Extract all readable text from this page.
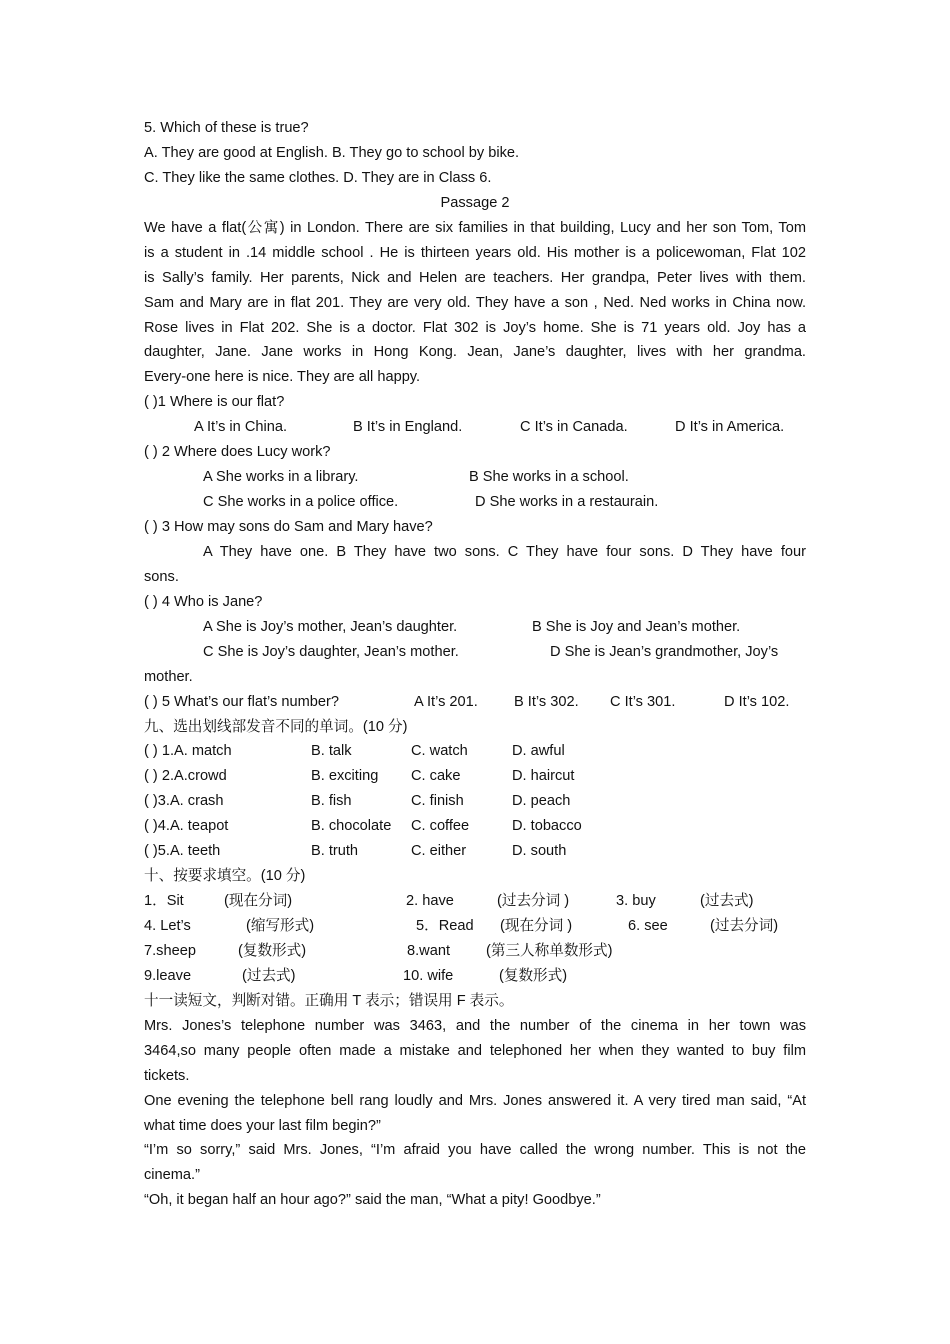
5. Which of these is true?
A. They are good at English. B. They go to school by bike.
C. They like the same clothes. D. They are in Class 6.
Passage 2
We have a flat(公寓) in London. There are six families in that building, Lucy and her son Tom, Tom
is a student in .14 middle school . He is thirteen years old. His mother is a policewoman, Flat 102
is Sally’s family. Her parents, Nick and Helen are teachers. Her grandpa, Peter lives with them.
Sam and Mary are in flat 201. They are very old. They have a son , Ned. Ned works in China now.
Rose lives in Flat 202. She is a doctor. Flat 302 is Joy’s home. She is 71 years old. Joy has a
daughter, Jane. Jane works in Hong Kong. Jean, Jane’s daughter, lives with her grandma.
Every-one here is nice. They are all happy.
( )1 Where is our flat?
A It’s in China.	B It’s in England.	C It’s in Canada.	D It’s in America.
( ) 2 Where does Lucy work?
A She works in a library.	B She works in a school.
C She works in a police office.	D She works in a restaurain.
( ) 3 How may sons do Sam and Mary have?
A They have one. B They have two sons. C They have four sons. D They have four
sons.
( ) 4 Who is Jane?
A She is Joy’s mother, Jean’s daughter.	B She is Joy and Jean’s mother.
C She is Joy’s daughter, Jean’s mother.	D She is Jean’s grandmother, Joy’s
mother.
( ) 5 What’s our flat’s number?	A It’s 201. B It’s 302. C It’s 301.	D It’s 102.
九、选出划线部发音不同的单词。(10 分)
( ) 1.A. match	B. talk	C. watch	D. awful
( ) 2.A.crowd	B. exciting C. cake	D. haircut
( )3.A. crash	B. fish	C. finish	D. peach
( )4.A. teapot	B. chocolate C. coffee	D. tobacco
( )5.A. teeth	B. truth	C. either	D. south
十、按要求填空。(10 分)
1．Sit	(现在分词)	2. have	(过去分词 )	3. buy	(过去式)
4. Let’s	(缩写形式)	5．Read (现在分词 )	6. see	(过去分词)
7.sheep	(复数形式)	8.want (第三人称单数形式)
9.leave	(过去式)	10. wife	(复数形式)
十一读短文，判断对错。正确用 T 表示；错误用 F 表示。
Mrs. Jones’s telephone number was 3463, and the number of the cinema in her town was
3464,so many people often made a mistake and telephoned her when they wanted to buy film
tickets.
One evening the telephone bell rang loudly and Mrs. Jones answered it. A very tired man said, “At
what time does your last film begin?”
“I’m so sorry,” said Mrs. Jones, “I’m afraid you have called the wrong number. This is not the
cinema.”
“Oh, it began half an hour ago?” said the man, “What a pity! Goodbye.”
